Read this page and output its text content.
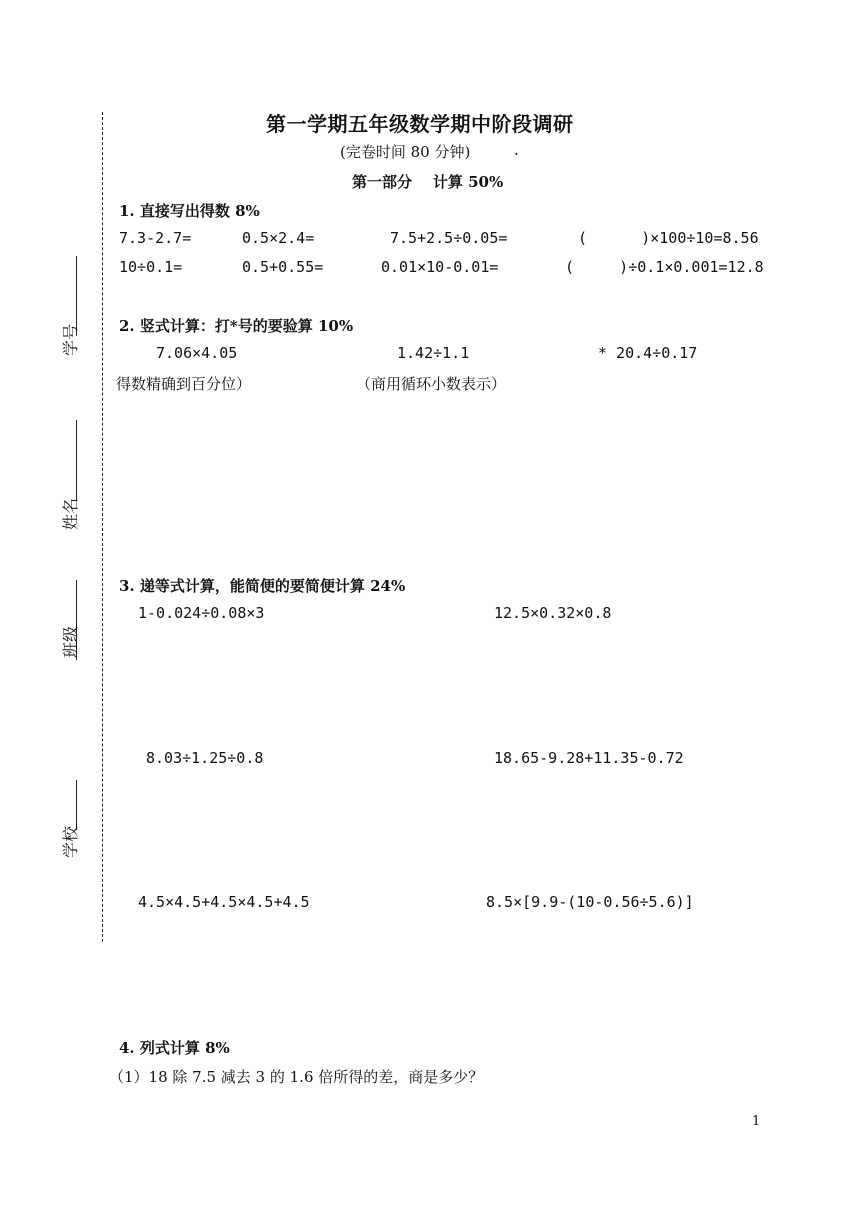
学号
姓名
班级
学校
第一学期五年级数学期中阶段调研
(完卷时间 80 分钟)	.
第一部分    计算 50%
1. 直接写出得数 8%
7.3-2.7=	0.5×2.4=	7.5+2.5÷0.05=	(      )×100÷10=8.56
10÷0.1=	0.5+0.55=	0.01×10-0.01=	(     )÷0.1×0.001=12.8
2. 竖式计算：打*号的要验算 10%
7.06×4.05	1.42÷1.1	* 20.4÷0.17
得数精确到百分位）	（商用循环小数表示）
3. 递等式计算，能简便的要简便计算 24%
1-0.024÷0.08×3	12.5×0.32×0.8
8.03÷1.25÷0.8	18.65-9.28+11.35-0.72
4.5×4.5+4.5×4.5+4.5	8.5×[9.9-(10-0.56÷5.6)]
4. 列式计算 8%
（1）18 除 7.5 减去 3 的 1.6 倍所得的差，商是多少？
1
